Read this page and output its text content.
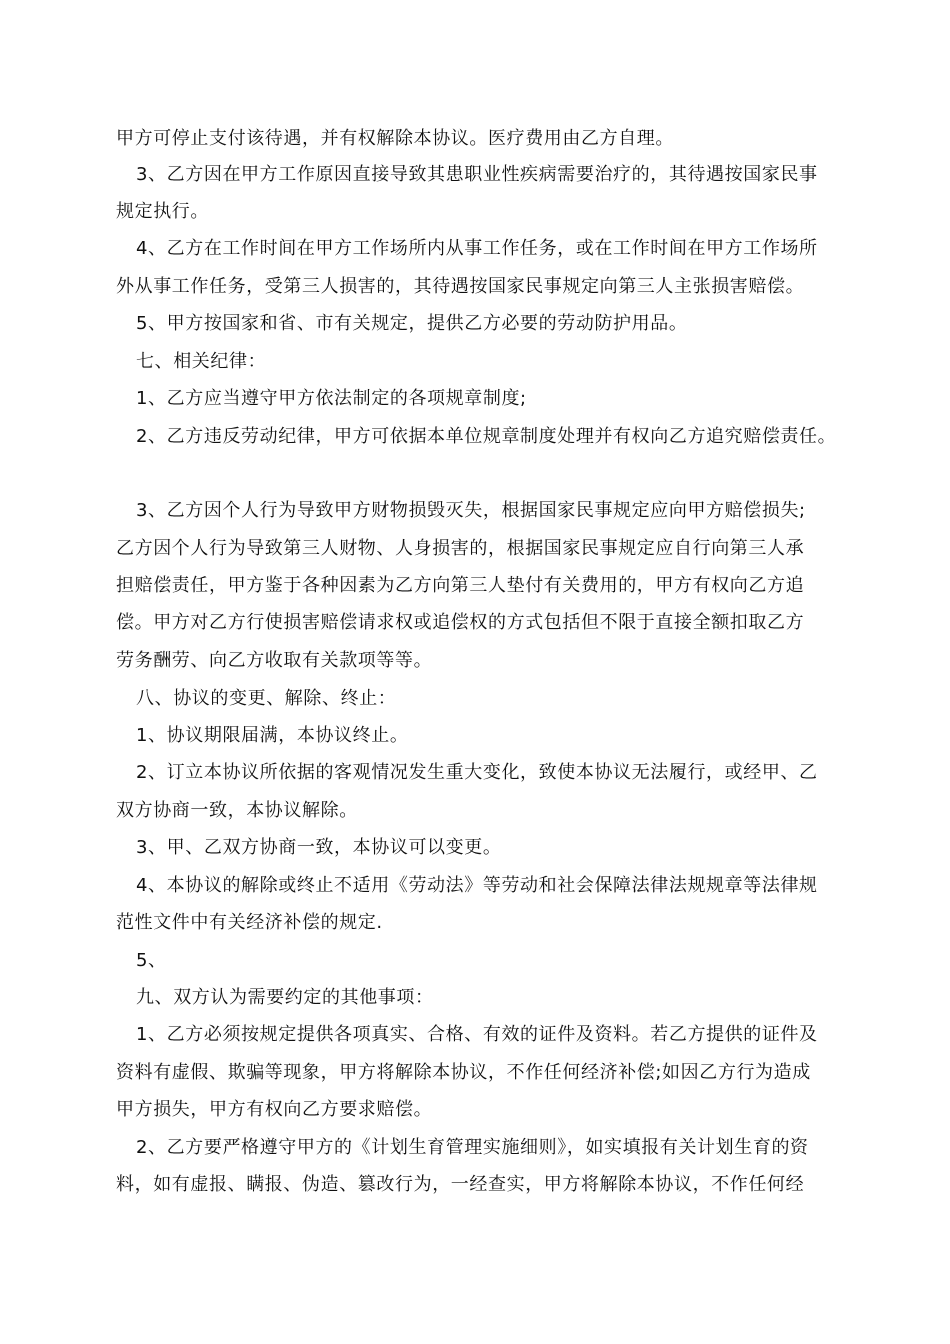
甲方可停止支付该待遇，并有权解除本协议。医疗费用由乙方自理。
3、乙方因在甲方工作原因直接导致其患职业性疾病需要治疗的，其待遇按国家民事
规定执行。
4、乙方在工作时间在甲方工作场所内从事工作任务，或在工作时间在甲方工作场所
外从事工作任务，受第三人损害的，其待遇按国家民事规定向第三人主张损害赔偿。
5、甲方按国家和省、市有关规定，提供乙方必要的劳动防护用品。
七、相关纪律：
1、乙方应当遵守甲方依法制定的各项规章制度;
2、乙方违反劳动纪律，甲方可依据本单位规章制度处理并有权向乙方追究赔偿责任。
3、乙方因个人行为导致甲方财物损毁灭失，根据国家民事规定应向甲方赔偿损失;
乙方因个人行为导致第三人财物、人身损害的，根据国家民事规定应自行向第三人承
担赔偿责任，甲方鉴于各种因素为乙方向第三人垫付有关费用的，甲方有权向乙方追
偿。甲方对乙方行使损害赔偿请求权或追偿权的方式包括但不限于直接全额扣取乙方
劳务酬劳、向乙方收取有关款项等等。
八、协议的变更、解除、终止：
1、协议期限届满，本协议终止。
2、订立本协议所依据的客观情况发生重大变化，致使本协议无法履行，或经甲、乙
双方协商一致，本协议解除。
3、甲、乙双方协商一致，本协议可以变更。
4、本协议的解除或终止不适用《劳动法》等劳动和社会保障法律法规规章等法律规
范性文件中有关经济补偿的规定.
5、
九、双方认为需要约定的其他事项：
1、乙方必须按规定提供各项真实、合格、有效的证件及资料。若乙方提供的证件及
资料有虚假、欺骗等现象，甲方将解除本协议，不作任何经济补偿;如因乙方行为造成
甲方损失，甲方有权向乙方要求赔偿。
2、乙方要严格遵守甲方的《计划生育管理实施细则》，如实填报有关计划生育的资
料，如有虚报、瞒报、伪造、篡改行为，一经查实，甲方将解除本协议，不作任何经
